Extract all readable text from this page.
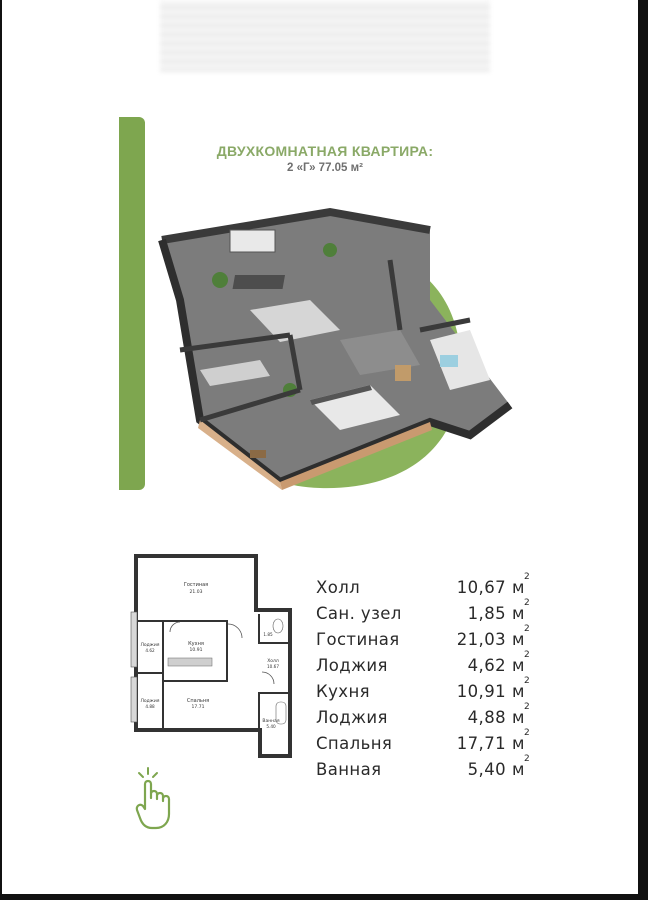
ДВУХКОМНАТНАЯ КВАРТИРА:
2 «Г» 77.05 м²
Гостиная
21.03
Лоджия
4.62
Кухня
10.91
1.85
Холл
10.67
Лоджия
4.88
Спальня
17.71
Ванная
5.40
Холл	10,67 м
2
Сан. узел	1,85 м
2
Гостиная	21,03 м
2
Лоджия	4,62 м
2
Кухня	10,91 м
2
Лоджия	4,88 м
2
Спальня	17,71 м
2
Ванная	5,40 м
2
